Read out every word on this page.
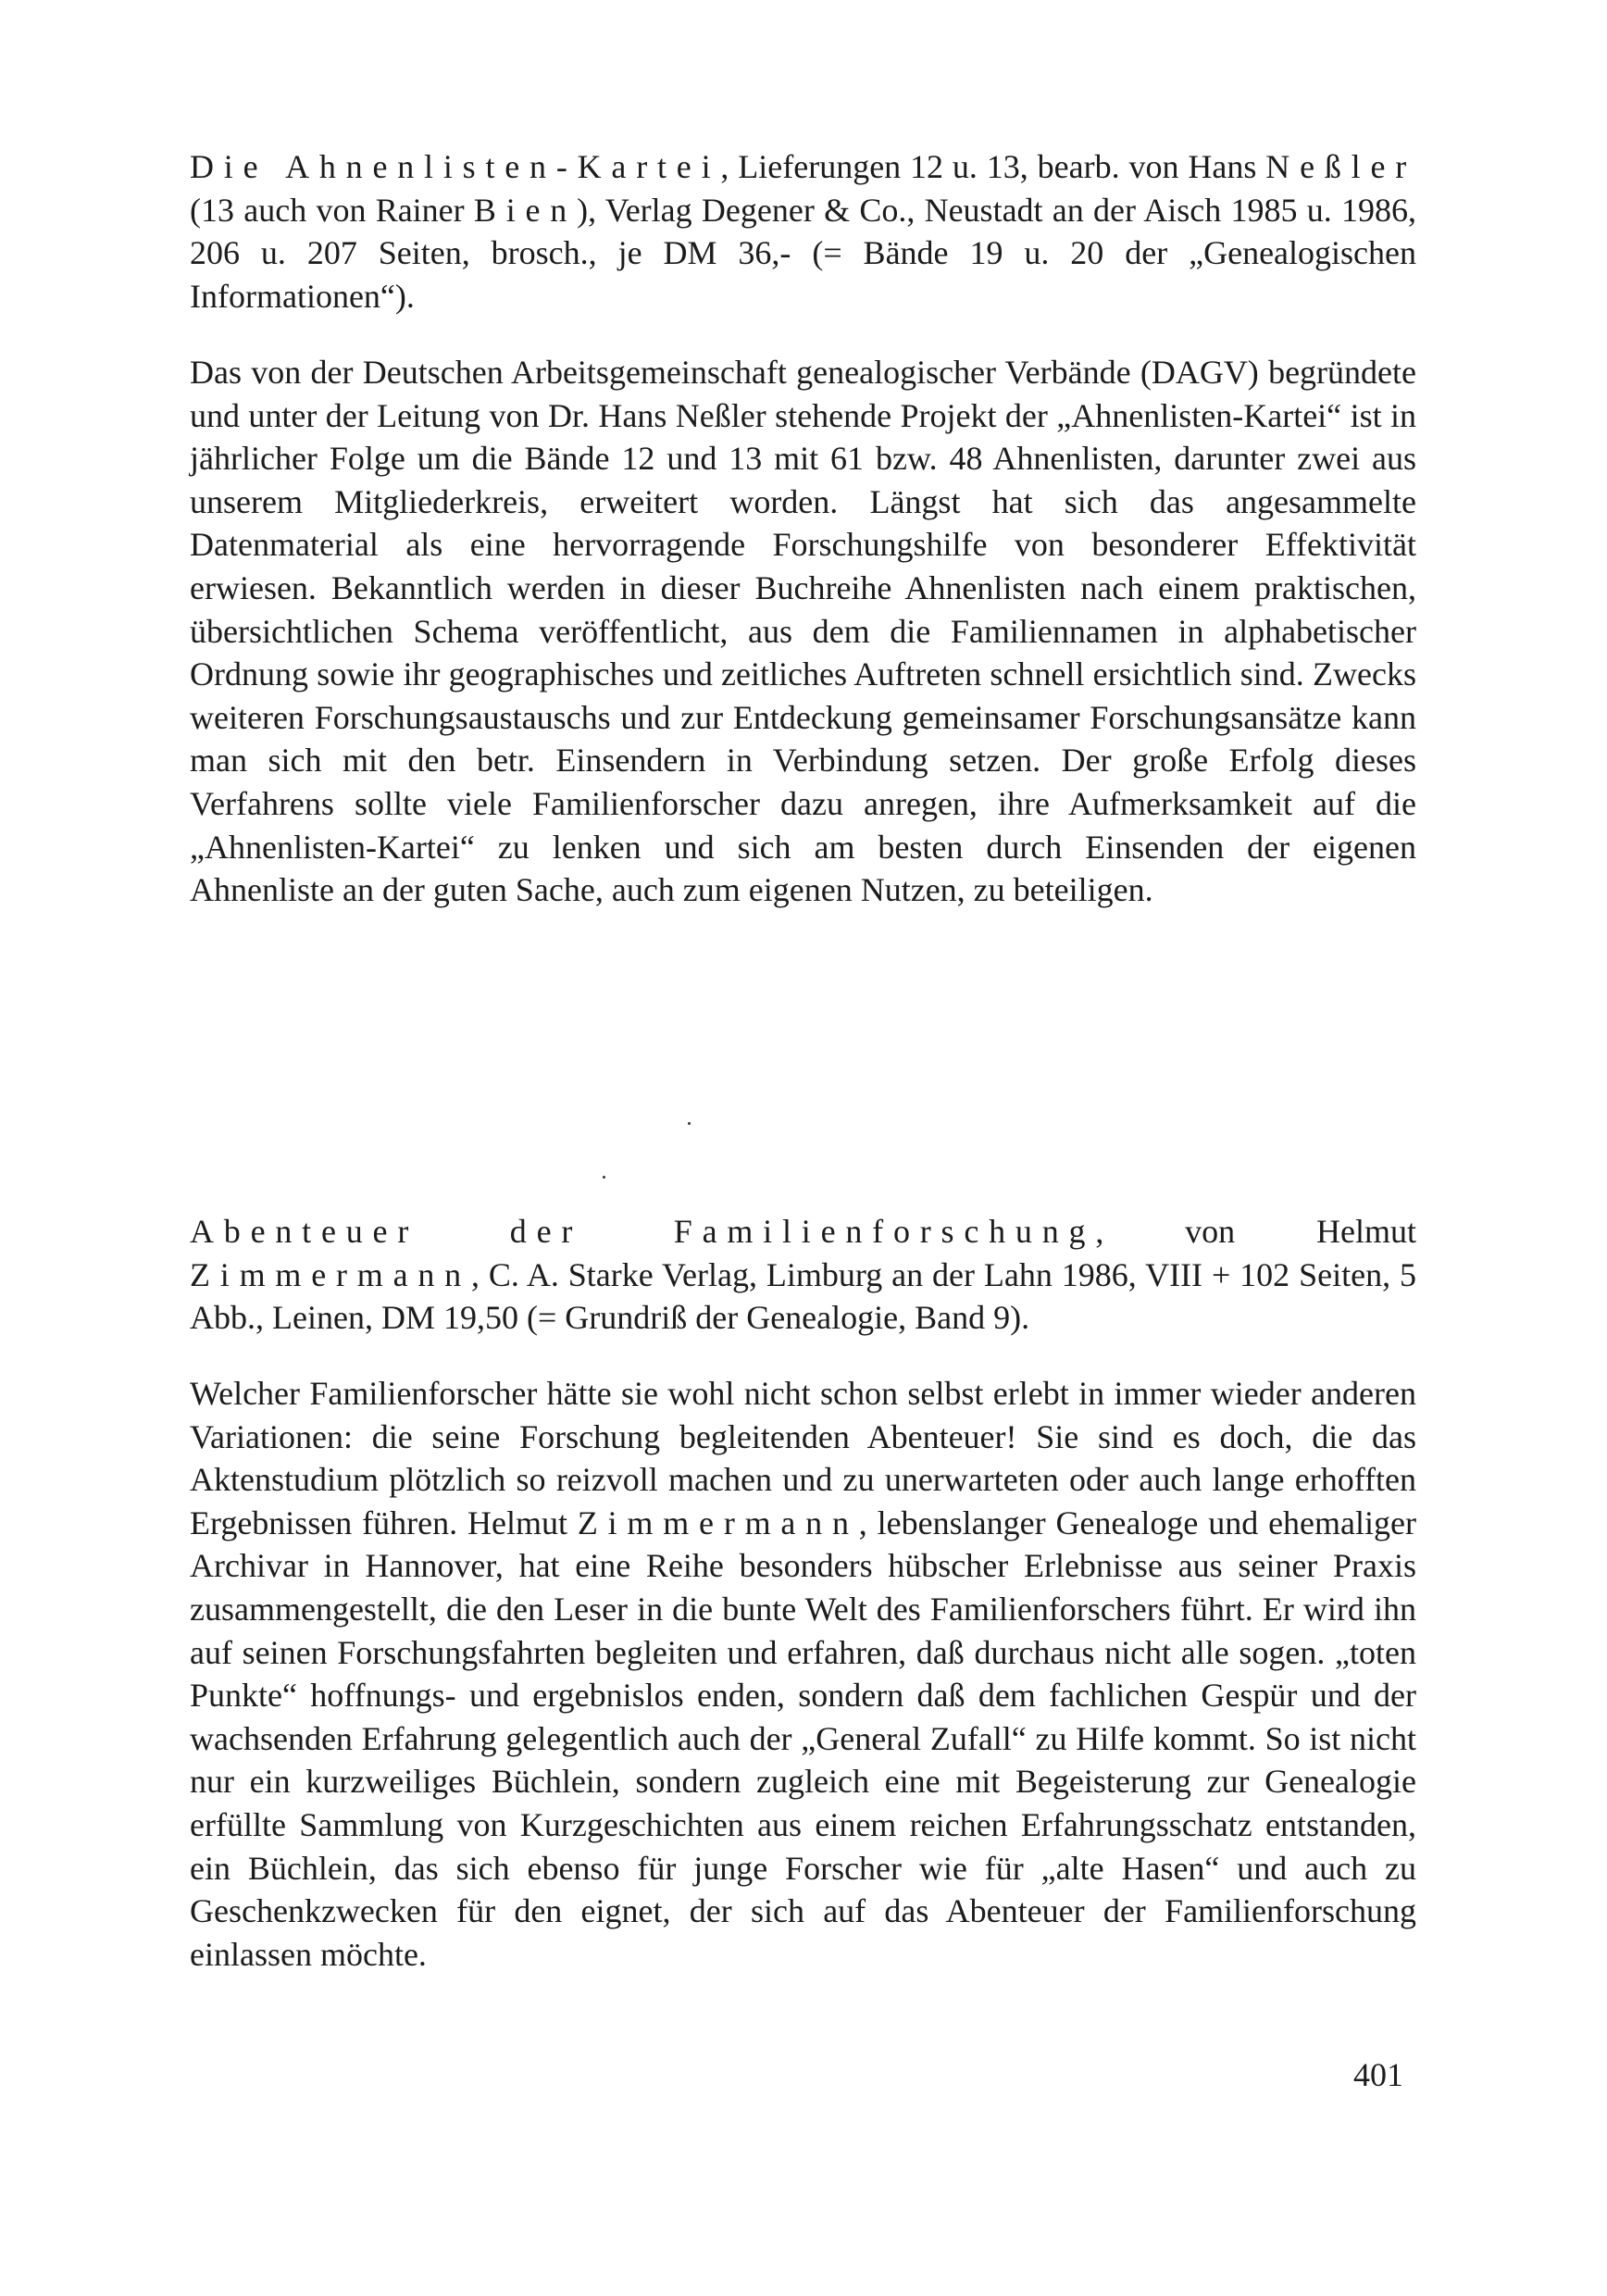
Die Ahnenlisten-Kartei, Lieferungen 12 u. 13, bearb. von Hans Neßler (13 auch von Rainer Bien), Verlag Degener & Co., Neustadt an der Aisch 1985 u. 1986, 206 u. 207 Seiten, brosch., je DM 36,- (= Bände 19 u. 20 der „Genealogischen Informationen“).

Das von der Deutschen Arbeitsgemeinschaft genealogischer Verbände (DAGV) begründete und unter der Leitung von Dr. Hans Neßler stehende Projekt der „Ahnenlisten-Kartei“ ist in jährlicher Folge um die Bände 12 und 13 mit 61 bzw. 48 Ahnenlisten, darunter zwei aus unserem Mitgliederkreis, erweitert worden. Längst hat sich das angesammelte Datenmaterial als eine hervorragende Forschungshilfe von besonderer Effektivität erwiesen. Bekanntlich werden in dieser Buchreihe Ahnenlisten nach einem praktischen, übersichtlichen Schema veröffentlicht, aus dem die Familiennamen in alphabetischer Ordnung sowie ihr geographisches und zeitliches Auftreten schnell ersichtlich sind. Zwecks weiteren Forschungsaustauschs und zur Entdeckung gemeinsamer Forschungsansätze kann man sich mit den betr. Einsendern in Verbindung setzen. Der große Erfolg dieses Verfahrens sollte viele Familienforscher dazu anregen, ihre Aufmerksamkeit auf die „Ahnenlisten-Kartei“ zu lenken und sich am besten durch Einsenden der eigenen Ahnenliste an der guten Sache, auch zum eigenen Nutzen, zu beteiligen.

Abenteuer der Familienforschung, von Helmut Zimmermann, C. A. Starke Verlag, Limburg an der Lahn 1986, VIII + 102 Seiten, 5 Abb., Leinen, DM 19,50 (= Grundriß der Genealogie, Band 9).

Welcher Familienforscher hätte sie wohl nicht schon selbst erlebt in immer wieder anderen Variationen: die seine Forschung begleitenden Abenteuer! Sie sind es doch, die das Aktenstudium plötzlich so reizvoll machen und zu unerwarteten oder auch lange erhofften Ergebnissen führen. Helmut Zimmermann, lebenslanger Genealoge und ehemaliger Archivar in Hannover, hat eine Reihe besonders hübscher Erlebnisse aus seiner Praxis zusammengestellt, die den Leser in die bunte Welt des Familienforschers führt. Er wird ihn auf seinen Forschungsfahrten begleiten und erfahren, daß durchaus nicht alle sogen. „toten Punkte“ hoffnungs- und ergebnislos enden, sondern daß dem fachlichen Gespür und der wachsenden Erfahrung gelegentlich auch der „General Zufall“ zu Hilfe kommt. So ist nicht nur ein kurzweiliges Büchlein, sondern zugleich eine mit Begeisterung zur Genealogie erfüllte Sammlung von Kurzgeschichten aus einem reichen Erfahrungsschatz entstanden, ein Büchlein, das sich ebenso für junge Forscher wie für „alte Hasen“ und auch zu Geschenkzwecken für den eignet, der sich auf das Abenteuer der Familienforschung einlassen möchte.

401
